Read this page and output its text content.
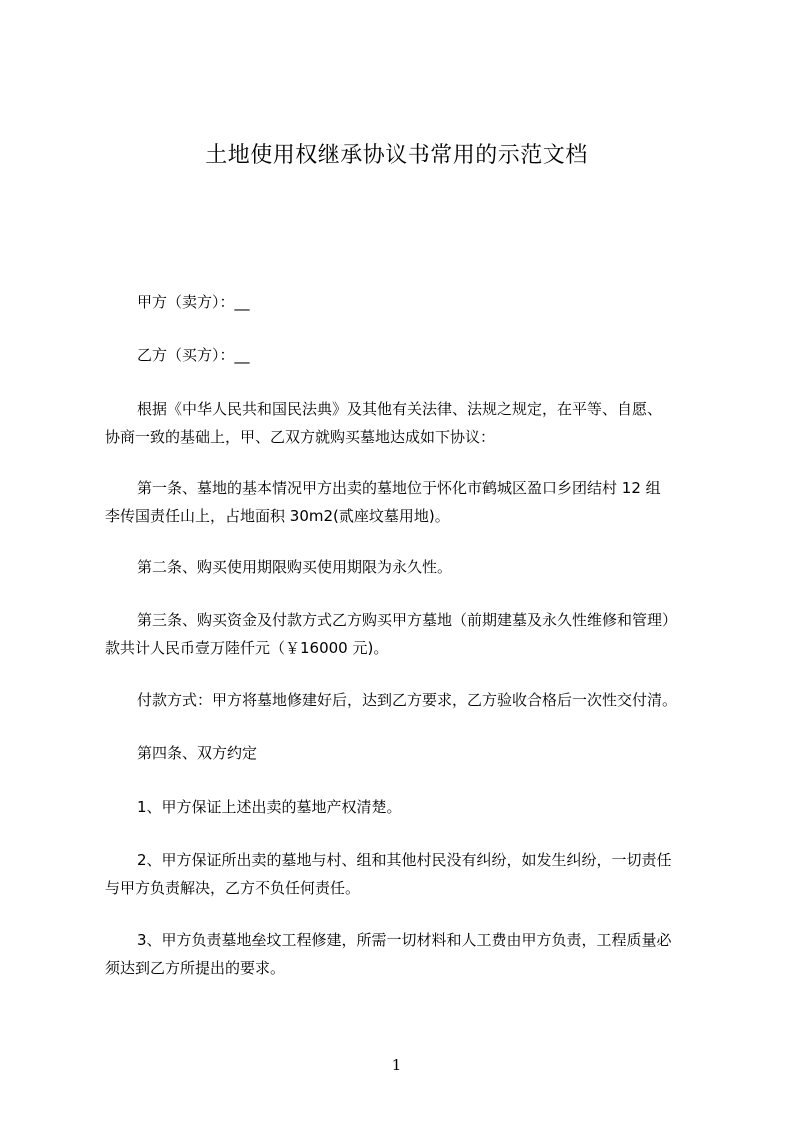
土地使用权继承协议书常用的示范文档

甲方（卖方）：__

乙方（买方）：__

根据《中华人民共和国民法典》及其他有关法律、法规之规定，在平等、自愿、
协商一致的基础上，甲、乙双方就购买墓地达成如下协议：

第一条、墓地的基本情况甲方出卖的墓地位于怀化市鹤城区盈口乡团结村 12 组
李传国责任山上，占地面积 30m2(贰座坟墓用地)。

第二条、购买使用期限购买使用期限为永久性。

第三条、购买资金及付款方式乙方购买甲方墓地（前期建墓及永久性维修和管理）
款共计人民币壹万陸仟元（￥16000 元)。

付款方式：甲方将墓地修建好后，达到乙方要求，乙方验收合格后一次性交付清。

第四条、双方约定

1、甲方保证上述出卖的墓地产权清楚。

2、甲方保证所出卖的墓地与村、组和其他村民没有纠纷，如发生纠纷，一切责任
与甲方负责解决，乙方不负任何责任。

3、甲方负责墓地垒坟工程修建，所需一切材料和人工费由甲方负责，工程质量必
须达到乙方所提出的要求。

1
